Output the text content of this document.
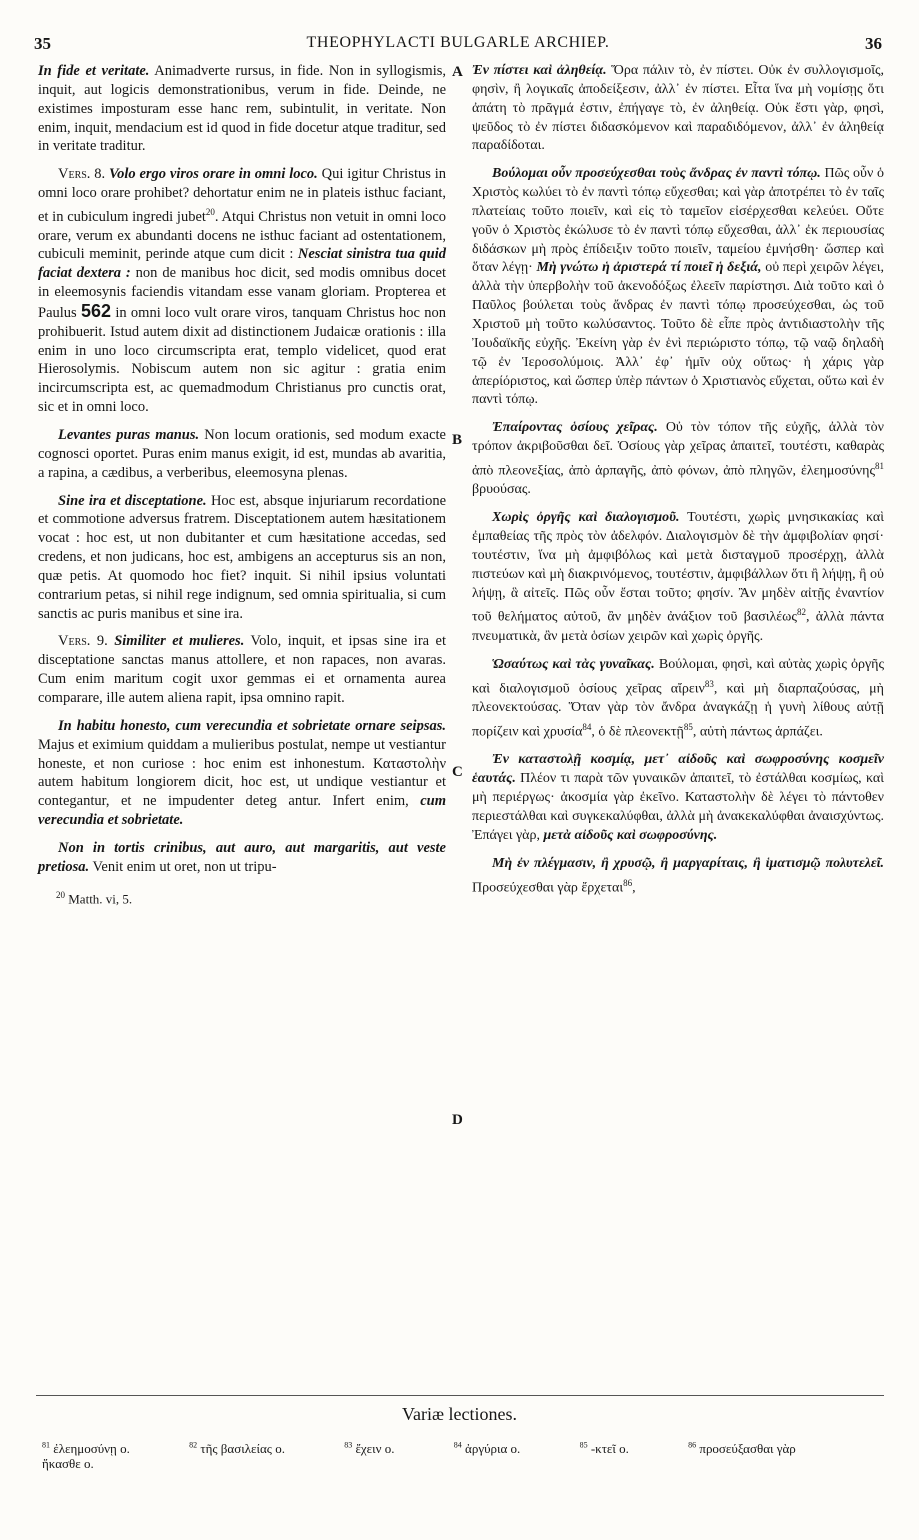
35	THEOPHYLACTI BULGARLE ARCHIEP.	36
A
B
C
D

In fide et veritate. Animadverte rursus, in fide. Non in syllogismis, inquit, aut logicis demonstrationibus, verum in fide. Deinde, ne existimes imposturam esse hanc rem, subintulit, in veritate. Non enim, inquit, mendacium est id quod in fide docetur atque traditur, sed in veritate traditur.

Vers. 8. Volo ergo viros orare in omni loco. Qui igitur Christus in omni loco orare prohibet? dehortatur enim ne in plateis isthuc faciant, et in cubiculum ingredi jubet$^{20}$. Atqui Christus non vetuit in omni loco orare, verum ex abundanti docens ne isthuc faciant ad ostentationem, cubiculi meminit, perinde atque cum dicit : Nesciat sinistra tua quid faciat dextera : non de manibus hoc dicit, sed modis omnibus docet in eleemosynis faciendis vitandam esse vanam gloriam. Propterea et Paulus 562 in omni loco vult orare viros, tanquam Christus hoc non prohibuerit. Istud autem dixit ad distinctionem Judaicæ orationis : illa enim in uno loco circumscripta erat, templo videlicet, quod erat Hierosolymis. Nobiscum autem non sic agitur : gratia enim incircumscripta est, ac quemadmodum Christianus pro cunctis orat, sic et in omni loco.

Levantes puras manus. Non locum orationis, sed modum exacte cognosci oportet. Puras enim manus exigit, id est, mundas ab avaritia, a rapina, a cædibus, a verberibus, eleemosyna plenas.

Sine ira et disceptatione. Hoc est, absque injuriarum recordatione et commotione adversus fratrem. Disceptationem autem hæsitationem vocat : hoc est, ut non dubitanter et cum hæsitatione accedas, sed credens, et non judicans, hoc est, ambigens an accepturus sis an non, quæ petis. At quomodo hoc fiet? inquit. Si nihil ipsius voluntati contrarium petas, si nihil rege indignum, sed omnia spiritualia, si cum sanctis ac puris manibus et sine ira.

Vers. 9. Similiter et mulieres. Volo, inquit, et ipsas sine ira et disceptatione sanctas manus attollere, et non rapaces, non avaras. Cum enim maritum cogit uxor gemmas ei et ornamenta aurea comparare, ille autem aliena rapit, ipsa omnino rapit.

In habitu honesto, cum verecundia et sobrietate ornare seipsas. Majus et eximium quiddam a mulieribus postulat, nempe ut vestiantur honeste, et non curiose : hoc enim est inhonestum. Καταστολὴν autem habitum longiorem dicit, hoc est, ut undique vestiantur et contegantur, et ne impudenter deteg antur. Infert enim, cum verecundia et sobrietate.

Non in tortis crinibus, aut auro, aut margaritis, aut veste pretiosa. Venit enim ut oret, non ut tripu-

$^{20}$ Matth. vi, 5.

Ἐν πίστει καὶ ἀληθείᾳ. Ὅρα πάλιν τὸ, ἐν πίστει. Οὐκ ἐν συλλογισμοῖς, φησὶν, ἢ λογικαῖς ἀποδείξεσιν, ἀλλ᾽ ἐν πίστει. Εἶτα ἵνα μὴ νομίσῃς ὅτι ἀπάτη τὸ πρᾶγμά ἐστιν, ἐπήγαγε τὸ, ἐν ἀληθείᾳ. Οὐκ ἔστι γὰρ, φησὶ, ψεῦδος τὸ ἐν πίστει διδασκόμενον καὶ παραδιδόμενον, ἀλλ᾽ ἐν ἀληθείᾳ παραδίδοται.

Βούλομαι οὖν προσεύχεσθαι τοὺς ἄνδρας ἐν παντὶ τόπῳ. Πῶς οὖν ὁ Χριστὸς κωλύει τὸ ἐν παντὶ τόπῳ εὔχεσθαι; καὶ γὰρ ἀποτρέπει τὸ ἐν ταῖς πλατείαις τοῦτο ποιεῖν, καὶ εἰς τὸ ταμεῖον εἰσέρχεσθαι κελεύει. Οὔτε γοῦν ὁ Χριστὸς ἐκώλυσε τὸ ἐν παντὶ τόπῳ εὔχεσθαι, ἀλλ᾽ ἐκ περιουσίας διδάσκων μὴ πρὸς ἐπίδειξιν τοῦτο ποιεῖν, ταμείου ἐμνήσθη· ὥσπερ καὶ ὅταν λέγῃ· Μὴ γνώτω ἡ ἀριστερά τί ποιεῖ ἡ δεξιά, οὐ περὶ χειρῶν λέγει, ἀλλὰ τὴν ὑπερβολὴν τοῦ ἀκενοδόξως ἐλεεῖν παρίστησι. Διὰ τοῦτο καὶ ὁ Παῦλος βούλεται τοὺς ἄνδρας ἐν παντὶ τόπῳ προσεύχεσθαι, ὡς τοῦ Χριστοῦ μὴ τοῦτο κωλύσαντος. Τοῦτο δὲ εἶπε πρὸς ἀντιδιαστολὴν τῆς Ἰουδαϊκῆς εὐχῆς. Ἐκείνη γὰρ ἐν ἑνὶ περιώριστο τόπῳ, τῷ ναῷ δηλαδὴ τῷ ἐν Ἱεροσολύμοις. Ἀλλ᾽ ἐφ᾽ ἡμῖν οὐχ οὕτως· ἡ χάρις γὰρ ἀπερίόριστος, καὶ ὥσπερ ὑπὲρ πάντων ὁ Χριστιανὸς εὔχεται, οὕτω καὶ ἐν παντὶ τόπῳ.

Ἐπαίροντας ὁσίους χεῖρας. Οὐ τὸν τόπον τῆς εὐχῆς, ἀλλὰ τὸν τρόπον ἀκριβοῦσθαι δεῖ. Ὁσίους γὰρ χεῖρας ἀπαιτεῖ, τουτέστι, καθαρὰς ἀπὸ πλεονεξίας, ἀπὸ ἁρπαγῆς, ἀπὸ φόνων, ἀπὸ πληγῶν, ἐλεημοσύνης$^{81}$ βρυούσας.

Χωρὶς ὀργῆς καὶ διαλογισμοῦ. Τουτέστι, χωρὶς μνησικακίας καὶ ἐμπαθείας τῆς πρὸς τὸν ἀδελφόν. Διαλογισμὸν δὲ τὴν ἀμφιβολίαν φησί· τουτέστιν, ἵνα μὴ ἀμφιβόλως καὶ μετὰ δισταγμοῦ προσέρχῃ, ἀλλὰ πιστεύων καὶ μὴ διακρινόμενος, τουτέστιν, ἀμφιβάλλων ὅτι ἢ λήψῃ, ἢ οὐ λήψῃ, ἃ αἰτεῖς. Πῶς οὖν ἔσται τοῦτο; φησίν. Ἂν μηδὲν αἰτῇς ἐναντίον τοῦ θελήματος αὐτοῦ, ἂν μηδὲν ἀνάξιον τοῦ βασιλέως$^{82}$, ἀλλὰ πάντα πνευματικὰ, ἂν μετὰ ὁσίων χειρῶν καὶ χωρὶς ὀργῆς.

Ὡσαύτως καὶ τὰς γυναῖκας. Βούλομαι, φησὶ, καὶ αὐτὰς χωρὶς ὀργῆς καὶ διαλογισμοῦ ὁσίους χεῖρας αἴρειν$^{83}$, καὶ μὴ διαρπαζούσας, μὴ πλεονεκτούσας. Ὅταν γὰρ τὸν ἄνδρα ἀναγκάζῃ ἡ γυνὴ λίθους αὐτῇ πορίζειν καὶ χρυσία$^{84}$, ὁ δὲ πλεονεκτῇ$^{85}$, αὐτὴ πάντως ἁρπάζει.

Ἐν καταστολῇ κοσμίᾳ, μετ᾽ αἰδοῦς καὶ σωφροσύνης κοσμεῖν ἑαυτάς. Πλέον τι παρὰ τῶν γυναικῶν ἀπαιτεῖ, τὸ ἐστάλθαι κοσμίως, καὶ μὴ περιέργως· ἀκοσμία γὰρ ἐκεῖνο. Καταστολὴν δὲ λέγει τὸ πάντοθεν περιεστάλθαι καὶ συγκεκαλύφθαι, ἀλλὰ μὴ ἀνακεκαλύφθαι ἀναισχύντως. Ἐπάγει γὰρ, μετὰ αἰδοῦς καὶ σωφροσύνης.

Μὴ ἐν πλέγμασιν, ἢ χρυσῷ, ἢ μαργαρίταις, ἢ ἱματισμῷ πολυτελεῖ. Προσεύχεσθαι γὰρ ἔρχεται$^{86}$,

Variæ lectiones.
$^{81}$ ἐλεημοσύνῃ o.	$^{82}$ τῆς βασιλείας o.	$^{83}$ ἔχειν o.	$^{84}$ ἀργύρια o.	$^{85}$ -κτεῖ o.	$^{86}$ προσεύξασθαι γὰρ
ἥκασθε o.
